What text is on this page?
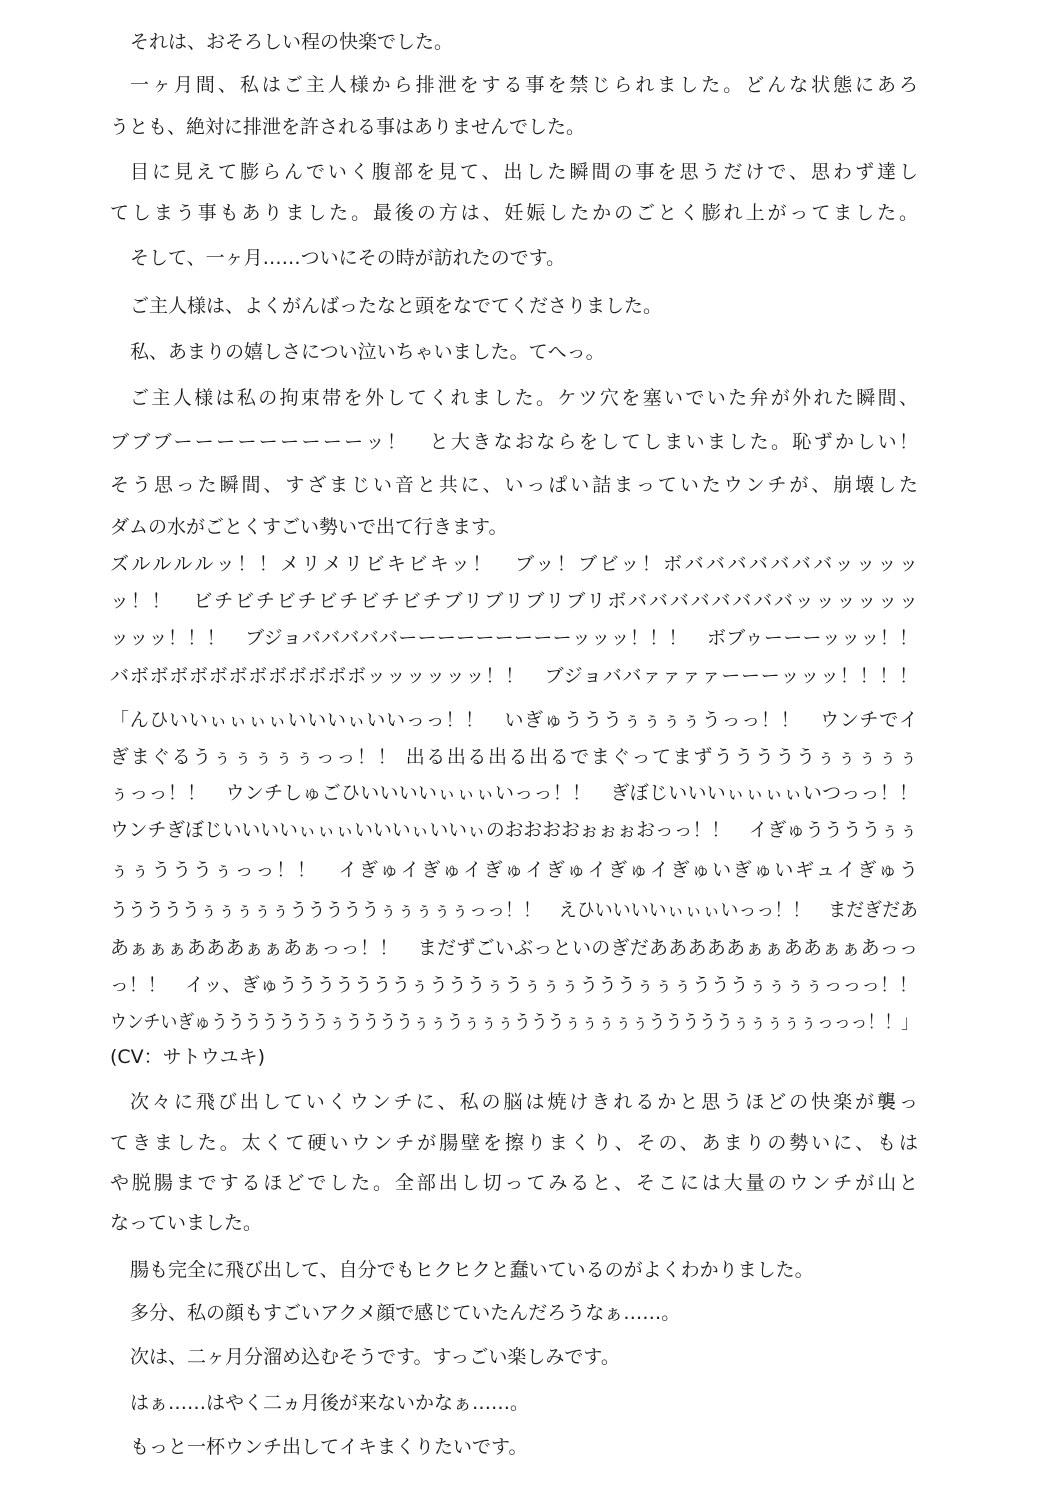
それは、おそろしい程の快楽でした。
一ヶ月間、私はご主人様から排泄をする事を禁じられました。どんな状態にあろ
うとも、絶対に排泄を許される事はありませんでした。
目に見えて膨らんでいく腹部を見て、出した瞬間の事を思うだけで、思わず達し
てしまう事もありました。最後の方は、妊娠したかのごとく膨れ上がってました。
そして、一ヶ月……ついにその時が訪れたのです。
ご主人様は、よくがんばったなと頭をなでてくださりました。
私、あまりの嬉しさについ泣いちゃいました。てへっ。
ご主人様は私の拘束帯を外してくれました。ケツ穴を塞いでいた弁が外れた瞬間、
ブブブーーーーーーーーーッ！　と大きなおならをしてしまいました。恥ずかしい！
そう思った瞬間、すざまじい音と共に、いっぱい詰まっていたウンチが、崩壊した
ダムの水がごとくすごい勢いで出て行きます。
ズルルルルッ！！メリメリビキビキッ！　ブッ！ブビッ！ボバババババババッッッッ
ッ！！　ビチビチビチビチビチビチブリブリブリブリボババババババババッッッッッッ
ッッッ！！！　ブジョバババババーーーーーーーーーッッッ！！！　ボブゥーーーッッッ！！
バボボボボボボボボボボボボッッッッッッ！！　ブジョババァァァァーーーッッッ！！！！
「んひいいぃぃぃぃいいいぃいいっっ！！　いぎゅうううぅぅぅぅうっっ！！　ウンチでイ
ぎまぐるうぅぅぅぅぅっっ！！ 出る出る出る出るでまぐってまずうううううぅぅぅぅぅ
ぅっっ！！　ウンチしゅごひいいいいぃぃぃいっっ！！　ぎぼじいいいぃぃぃぃいつっっ！！
ウンチぎぼじいいいいぃぃぃいいいぃいいぃのおおおおぉぉぉおっっ！！　イぎゅううううぅぅ
ぅぅうううぅっっ！！　イぎゅイぎゅイぎゅイぎゅイぎゅイぎゅいぎゅいギュイぎゅう
うううううぅぅぅぅぅうううううぅぅぅぅぅっっ！！　えひいいいいぃぃぃいっっ！！　まだぎだあ
あぁぁぁあああぁぁあぁっっ！！　まだずごいぶっといのぎだあああああぁぁああぁぁあっっ
っ！！　イッ、ぎゅうううううううぅうううぅうぅぅぅうううぅぅぅうううぅぅぅぅっっっ！！
ウンチいぎゅうううううううぅううううぅぅうぅぅぅうううぅぅぅぅぅうううううぅぅぅぅぅっっっ！！」
(CV：サトウユキ)
次々に飛び出していくウンチに、私の脳は焼けきれるかと思うほどの快楽が襲っ
てきました。太くて硬いウンチが腸壁を擦りまくり、その、あまりの勢いに、もは
や脱腸までするほどでした。全部出し切ってみると、そこには大量のウンチが山と
なっていました。
腸も完全に飛び出して、自分でもヒクヒクと蠢いているのがよくわかりました。
多分、私の顔もすごいアクメ顔で感じていたんだろうなぁ……。
次は、二ヶ月分溜め込むそうです。すっごい楽しみです。
はぁ……はやく二ヵ月後が来ないかなぁ……。
もっと一杯ウンチ出してイキまくりたいです。
